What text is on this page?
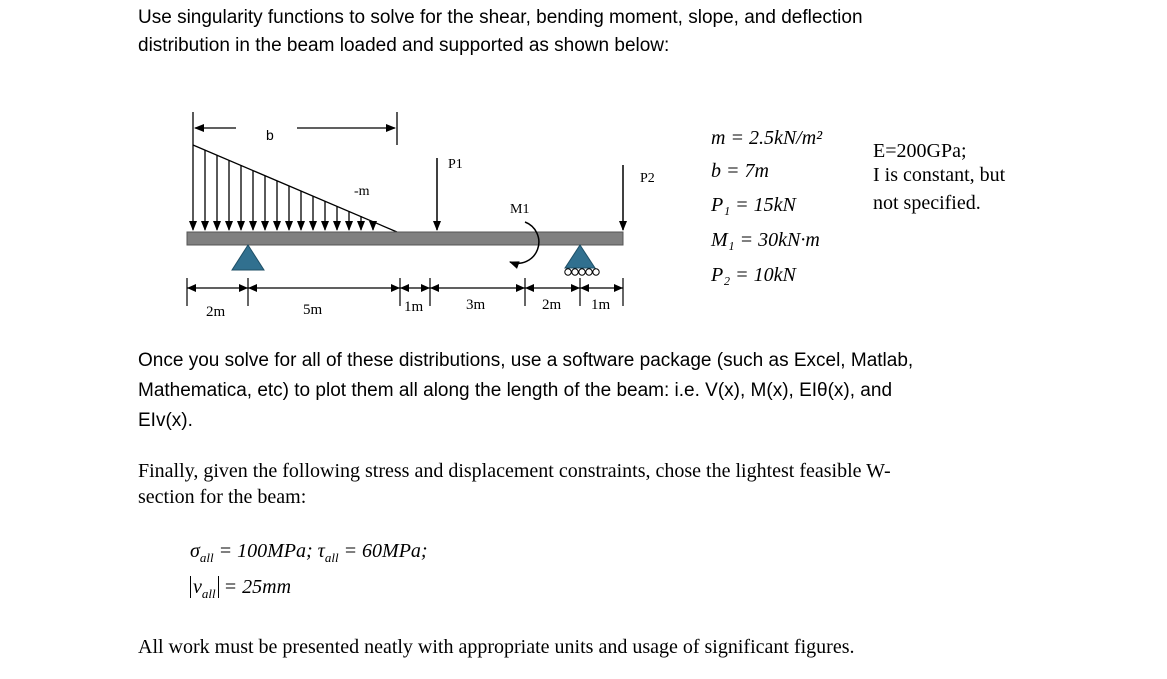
Use singularity functions to solve for the shear, bending moment, slope, and deflection
distribution in the beam loaded and supported as shown below:
b
-m
P1
M1
P2
2m	5m	1m	3m	2m 1m
m = 2.5kN/m²
b = 7m
P₁ = 15kN
M₁ = 30kN·m
P₂ = 10kN
E=200GPa;
I is constant, but
not specified.
Once you solve for all of these distributions, use a software package (such as Excel, Matlab,
Mathematica, etc) to plot them all along the length of the beam: i.e. V(x), M(x), EIθ(x), and
EIv(x).
Finally, given the following stress and displacement constraints, chose the lightest feasible W-
section for the beam:
$\sigma_{all} = 100MPa$; $\tau_{all} = 60MPa$;
$v_{all} = 25mm$
All work must be presented neatly with appropriate units and usage of significant figures.
